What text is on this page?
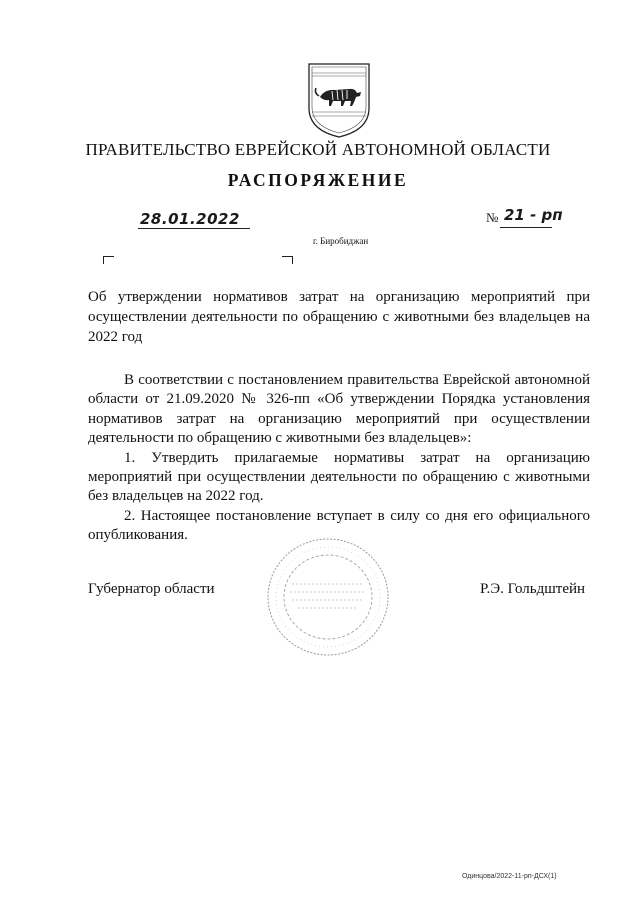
ПРАВИТЕЛЬСТВО ЕВРЕЙСКОЙ АВТОНОМНОЙ ОБЛАСТИ
РАСПОРЯЖЕНИЕ
28.01.2022	№ 21 - рп
г. Биробиджан
Об утверждении нормативов затрат на организацию мероприятий при осуществлении деятельности по обращению с животными без владельцев на 2022 год

В соответствии с постановлением правительства Еврейской автономной области от 21.09.2020 № 326-пп «Об утверждении Порядка установления нормативов затрат на организацию мероприятий при осуществлении деятельности по обращению с животными без владельцев»:

1. Утвердить прилагаемые нормативы затрат на организацию мероприятий при осуществлении деятельности по обращению с животными без владельцев на 2022 год.

2. Настоящее постановление вступает в силу со дня его официального опубликования.

Губернатор области	Р.Э. Гольдштейн
Одинцова/2022-11-рп-ДСХ(1)
